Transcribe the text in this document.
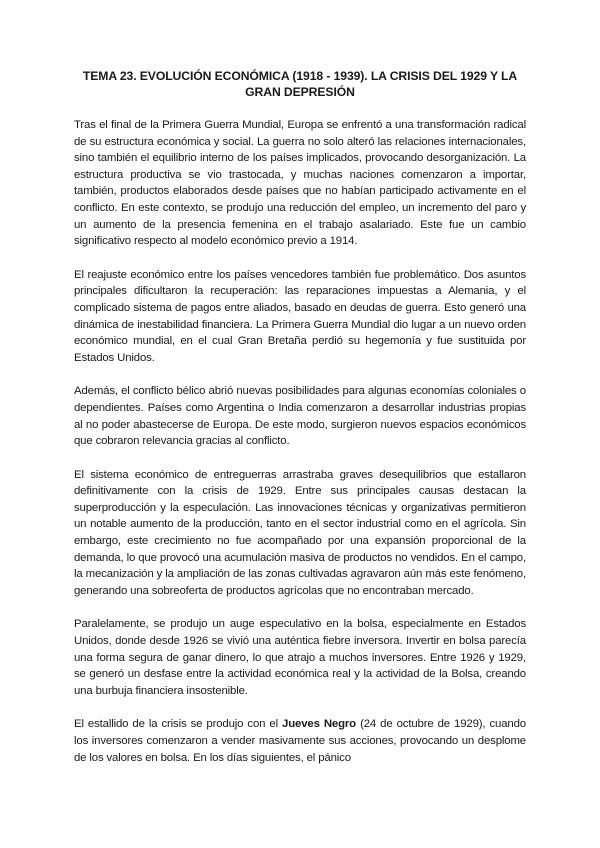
TEMA 23. EVOLUCIÓN ECONÓMICA (1918 - 1939). LA CRISIS DEL 1929 Y LA GRAN DEPRESIÓN

Tras el final de la Primera Guerra Mundial, Europa se enfrentó a una transformación radical de su estructura económica y social. La guerra no solo alteró las relaciones internacionales, sino también el equilibrio interno de los países implicados, provocando desorganización. La estructura productiva se vio trastocada, y muchas naciones comenzaron a importar, también, productos elaborados desde países que no habían participado activamente en el conflicto. En este contexto, se produjo una reducción del empleo, un incremento del paro y un aumento de la presencia femenina en el trabajo asalariado. Este fue un cambio significativo respecto al modelo económico previo a 1914.

El reajuste económico entre los países vencedores también fue problemático. Dos asuntos principales dificultaron la recuperación: las reparaciones impuestas a Alemania, y el complicado sistema de pagos entre aliados, basado en deudas de guerra. Esto generó una dinámica de inestabilidad financiera. La Primera Guerra Mundial dio lugar a un nuevo orden económico mundial, en el cual Gran Bretaña perdió su hegemonía y fue sustituida por Estados Unidos.

Además, el conflicto bélico abrió nuevas posibilidades para algunas economías coloniales o dependientes. Países como Argentina o India comenzaron a desarrollar industrias propias al no poder abastecerse de Europa. De este modo, surgieron nuevos espacios económicos que cobraron relevancia gracias al conflicto.

El sistema económico de entreguerras arrastraba graves desequilibrios que estallaron definitivamente con la crisis de 1929. Entre sus principales causas destacan la superproducción y la especulación. Las innovaciones técnicas y organizativas permitieron un notable aumento de la producción, tanto en el sector industrial como en el agrícola. Sin embargo, este crecimiento no fue acompañado por una expansión proporcional de la demanda, lo que provocó una acumulación masiva de productos no vendidos. En el campo, la mecanización y la ampliación de las zonas cultivadas agravaron aún más este fenómeno, generando una sobreoferta de productos agrícolas que no encontraban mercado.

Paralelamente, se produjo un auge especulativo en la bolsa, especialmente en Estados Unidos, donde desde 1926 se vivió una auténtica fiebre inversora. Invertir en bolsa parecía una forma segura de ganar dinero, lo que atrajo a muchos inversores. Entre 1926 y 1929, se generó un desfase entre la actividad económica real y la actividad de la Bolsa, creando una burbuja financiera insostenible.

El estallido de la crisis se produjo con el Jueves Negro (24 de octubre de 1929), cuando los inversores comenzaron a vender masivamente sus acciones, provocando un desplome de los valores en bolsa. En los días siguientes, el pánico
